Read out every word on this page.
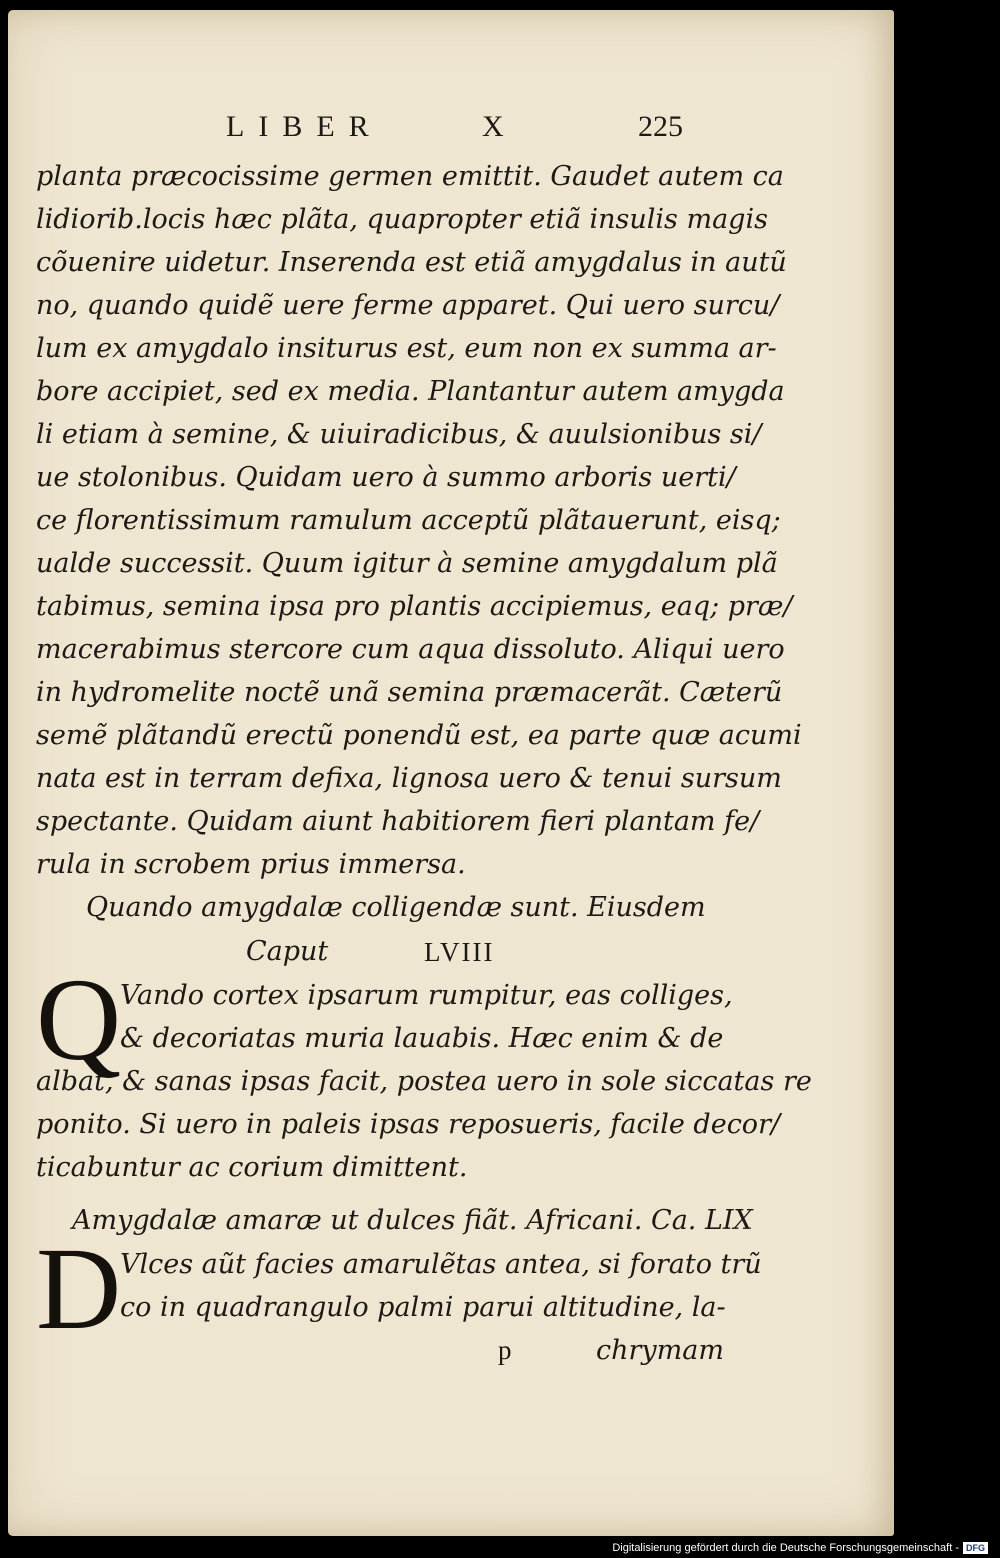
LIBER	X	225
planta præcocissime germen emittit. Gaudet autem ca
lidiorib.locis hæc plãta, quapropter etiã insulis magis
cõuenire uidetur. Inserenda est etiã amygdalus in autũ
no, quando quidẽ uere ferme apparet. Qui uero surcu/
lum ex amygdalo insiturus est, eum non ex summa ar-
bore accipiet, sed ex media. Plantantur autem amygda
li etiam à semine, & uiuiradicibus, & auulsionibus si/
ue stolonibus. Quidam uero à summo arboris uerti/
ce florentissimum ramulum acceptũ plãtauerunt, eisq;
ualde successit. Quum igitur à semine amygdalum plã
tabimus, semina ipsa pro plantis accipiemus, eaq; præ/
macerabimus stercore cum aqua dissoluto. Aliqui uero
in hydromelite noctẽ unã semina præmacerãt. Cæterũ
semẽ plãtandũ erectũ ponendũ est, ea parte quæ acumi
nata est in terram defixa, lignosa uero & tenui sursum
spectante. Quidam aiunt habitiorem fieri plantam fe/
rula in scrobem prius immersa.
Quando amygdalæ colligendæ sunt. Eiusdem
Caput	LVIII
Q
Vando cortex ipsarum rumpitur, eas colliges,
& decoriatas muria lauabis. Hæc enim & de
albat, & sanas ipsas facit, postea uero in sole siccatas re
ponito. Si uero in paleis ipsas reposueris, facile decor/
ticabuntur ac corium dimittent.
Amygdalæ amaræ ut dulces fiãt. Africani. Ca. LIX
D
Vlces aũt facies amarulẽtas antea, si forato trũ
co in quadrangulo palmi parui altitudine, la-
p	chrymam
Digitalisierung gefördert durch die Deutsche Forschungsgemeinschaft - DFG
